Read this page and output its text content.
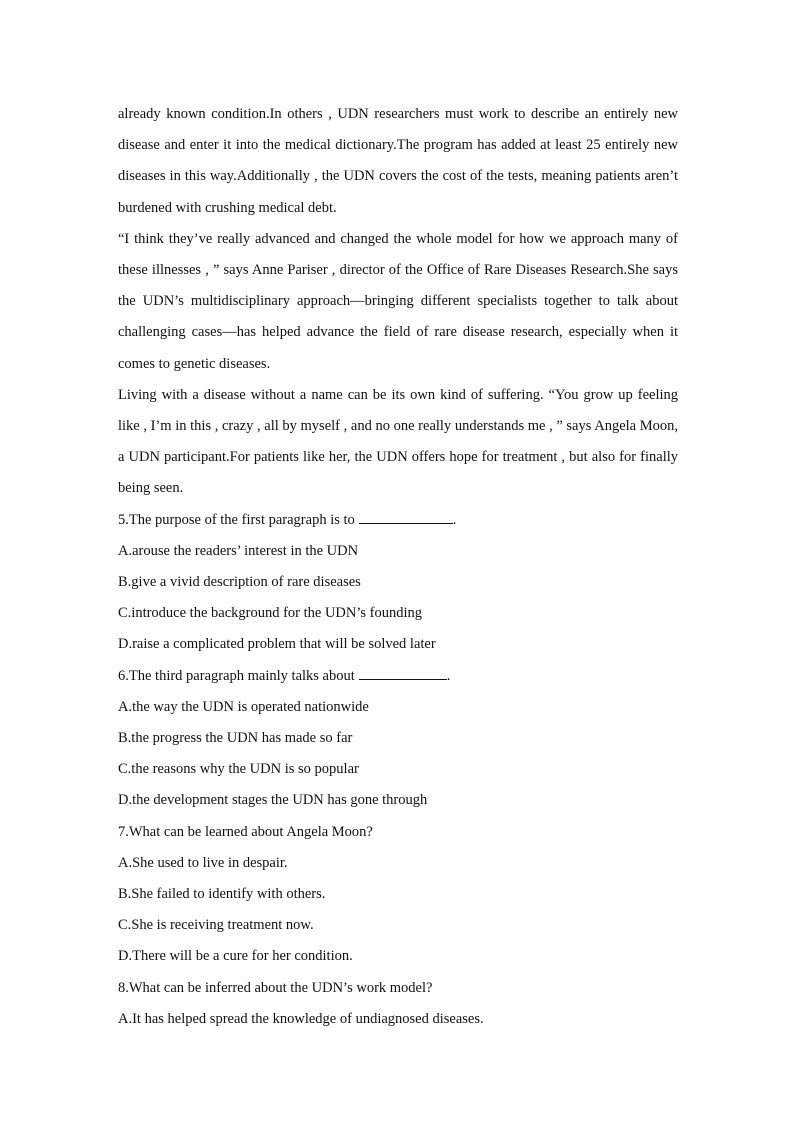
already known condition.In others , UDN researchers must work to describe an entirely new disease and enter it into the medical dictionary.The program has added at least 25 entirely new diseases in this way.Additionally , the UDN covers the cost of the tests, meaning patients aren’t burdened with crushing medical debt.

“I think they’ve really advanced and changed the whole model for how we approach many of these illnesses , ” says Anne Pariser , director of the Office of Rare Diseases Research.She says the UDN’s multidisciplinary approach—bringing different specialists together to talk about challenging cases—has helped advance the field of rare disease research, especially when it comes to genetic diseases.

Living with a disease without a name can be its own kind of suffering. “You grow up feeling like , I’m in this , crazy , all by myself , and no one really understands me , ” says Angela Moon, a UDN participant.For patients like her, the UDN offers hope for treatment , but also for finally being seen.

5.The purpose of the first paragraph is to	.

A.arouse the readers’ interest in the UDN

B.give a vivid description of rare diseases

C.introduce the background for the UDN’s founding

D.raise a complicated problem that will be solved later

6.The third paragraph mainly talks about	.

A.the way the UDN is operated nationwide

B.the progress the UDN has made so far

C.the reasons why the UDN is so popular

D.the development stages the UDN has gone through

7.What can be learned about Angela Moon?

A.She used to live in despair.

B.She failed to identify with others.

C.She is receiving treatment now.

D.There will be a cure for her condition.

8.What can be inferred about the UDN’s work model?

A.It has helped spread the knowledge of undiagnosed diseases.
